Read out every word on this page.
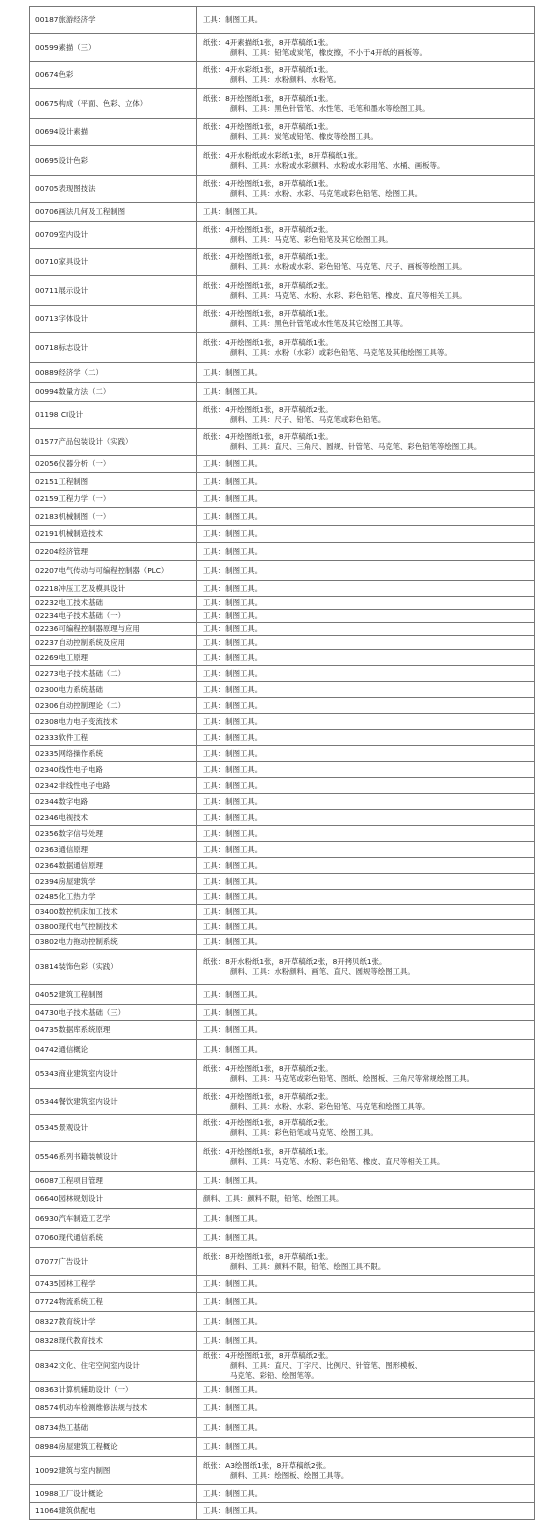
00187旅游经济学	工具：制图工具。

00599素描（三）	纸张：4开素描纸1张，8开草稿纸1张。
颜料、工具：铅笔或炭笔，橡皮擦，不小于4开纸的画板等。

00674色彩	纸张：4开水彩纸1张，8开草稿纸1张。
颜料、工具：水粉颜料、水粉笔。

00675构成（平面、色彩、立体）	纸张：8开绘图纸1张，8开草稿纸1张。
颜料、工具：黑色针管笔、水性笔、毛笔和墨水等绘图工具。

00694设计素描	纸张：4开绘图纸1张，8开草稿纸1张。
颜料、工具：炭笔或铅笔、橡皮等绘图工具。

00695设计色彩	纸张：4开水粉纸或水彩纸1张，8开草稿纸1张。
颜料、工具：水粉或水彩颜料、水粉或水彩用笔、水桶、画板等。

00705表现图技法	纸张：4开绘图纸1张，8开草稿纸1张。
颜料、工具：水粉、水彩、马克笔或彩色铅笔、绘图工具。

00706画法几何及工程制图	工具：制图工具。

00709室内设计	纸张：4开绘图纸1张，8开草稿纸2张。
颜料、工具：马克笔、彩色铅笔及其它绘图工具。

00710家具设计	纸张：4开绘图纸1张，8开草稿纸1张。
颜料、工具：水粉或水彩、彩色铅笔、马克笔、尺子、画板等绘图工具。

00711展示设计	纸张：4开绘图纸1张，8开草稿纸2张。
颜料、工具：马克笔、水粉、水彩、彩色铅笔、橡皮、直尺等相关工具。

00713字体设计	纸张：4开绘图纸1张，8开草稿纸1张。
颜料、工具：黑色针管笔或水性笔及其它绘图工具等。

00718标志设计	纸张：4开绘图纸1张，8开草稿纸1张。
颜料、工具：水粉（水彩）或彩色铅笔、马克笔及其他绘图工具等。

00889经济学（二）	工具：制图工具。

00994数量方法（二）	工具：制图工具。

01198 CI设计	纸张：4开绘图纸1张，8开草稿纸2张。
颜料、工具：尺子、铅笔、马克笔或彩色铅笔。

01577产品包装设计（实践）	纸张：4开绘图纸1张，8开草稿纸1张。
颜料、工具：直尺、三角尺、圆规、针管笔、马克笔、彩色铅笔等绘图工具。

02056仪器分析（一）	工具：制图工具。

02151工程制图	工具：制图工具。

02159工程力学（一）	工具：制图工具。

02183机械制图（一）	工具：制图工具。

02191机械制造技术	工具：制图工具。

02204经济管理	工具：制图工具。

02207电气传动与可编程控制器（PLC）	工具：制图工具。

02218冲压工艺及模具设计	工具：制图工具。

02232电工技术基础	工具：制图工具。

02234电子技术基础（一）	工具：制图工具。

02236可编程控制器原理与应用	工具：制图工具。

02237自动控制系统及应用	工具：制图工具。

02269电工原理	工具：制图工具。

02273电子技术基础（二）	工具：制图工具。

02300电力系统基础	工具：制图工具。

02306自动控制理论（二）	工具：制图工具。

02308电力电子变流技术	工具：制图工具。

02333软件工程	工具：制图工具。

02335网络操作系统	工具：制图工具。

02340线性电子电路	工具：制图工具。

02342非线性电子电路	工具：制图工具。

02344数字电路	工具：制图工具。

02346电视技术	工具：制图工具。

02356数字信号处理	工具：制图工具。

02363通信原理	工具：制图工具。

02364数据通信原理	工具：制图工具。

02394房屋建筑学	工具：制图工具。

02485化工热力学	工具：制图工具。

03400数控机床加工技术	工具：制图工具。

03800现代电气控制技术	工具：制图工具。

03802电力拖动控制系统	工具：制图工具。

03814装饰色彩（实践）	纸张：8开水粉纸1张，8开草稿纸2张，8开拷贝纸1张。
颜料、工具：水粉颜料、画笔、直尺、圆规等绘图工具。

04052建筑工程制图	工具：制图工具。

04730电子技术基础（三）	工具：制图工具。

04735数据库系统原理	工具：制图工具。

04742通信概论	工具：制图工具。

05343商业建筑室内设计	纸张：4开绘图纸1张，8开草稿纸2张。
颜料、工具：马克笔或彩色铅笔、图纸、绘图板、三角尺等常规绘图工具。

05344餐饮建筑室内设计	纸张：4开绘图纸1张，8开草稿纸2张。
颜料、工具：水粉、水彩、彩色铅笔、马克笔和绘图工具等。

05345景观设计	纸张：4开绘图纸1张，8开草稿纸2张。
颜料、工具：彩色铅笔或马克笔、绘图工具。

05546系列书籍装帧设计	纸张：4开绘图纸1张，8开草稿纸1张。
颜料、工具：马克笔、水粉、彩色铅笔、橡皮、直尺等相关工具。

06087工程项目管理	工具：制图工具。

06640园林规划设计	颜料、工具：颜料不限，铅笔、绘图工具。

06930汽车制造工艺学	工具：制图工具。

07060现代通信系统	工具：制图工具。

07077广告设计	纸张：8开绘图纸1张，8开草稿纸1张。
颜料、工具：颜料不限，铅笔、绘图工具不限。

07435园林工程学	工具：制图工具。

07724物流系统工程	工具：制图工具。

08327教育统计学	工具：制图工具。

08328现代教育技术	工具：制图工具。

08342文化、住宅空间室内设计	纸张：4开绘图纸1张，8开草稿纸2张。
颜料、工具：直尺、丁字尺、比例尺、针管笔、图形模板、
马克笔、彩铅、绘图笔等。

08363计算机辅助设计（一）	工具：制图工具。

08574机动车检测维修法规与技术	工具：制图工具。

08734热工基础	工具：制图工具。

08984房屋建筑工程概论	工具：制图工具。

10092建筑与室内制图	纸张：A3绘图纸1张，8开草稿纸2张。
颜料、工具：绘图板、绘图工具等。

10988工厂设计概论	工具：制图工具。

11064建筑供配电	工具：制图工具。
